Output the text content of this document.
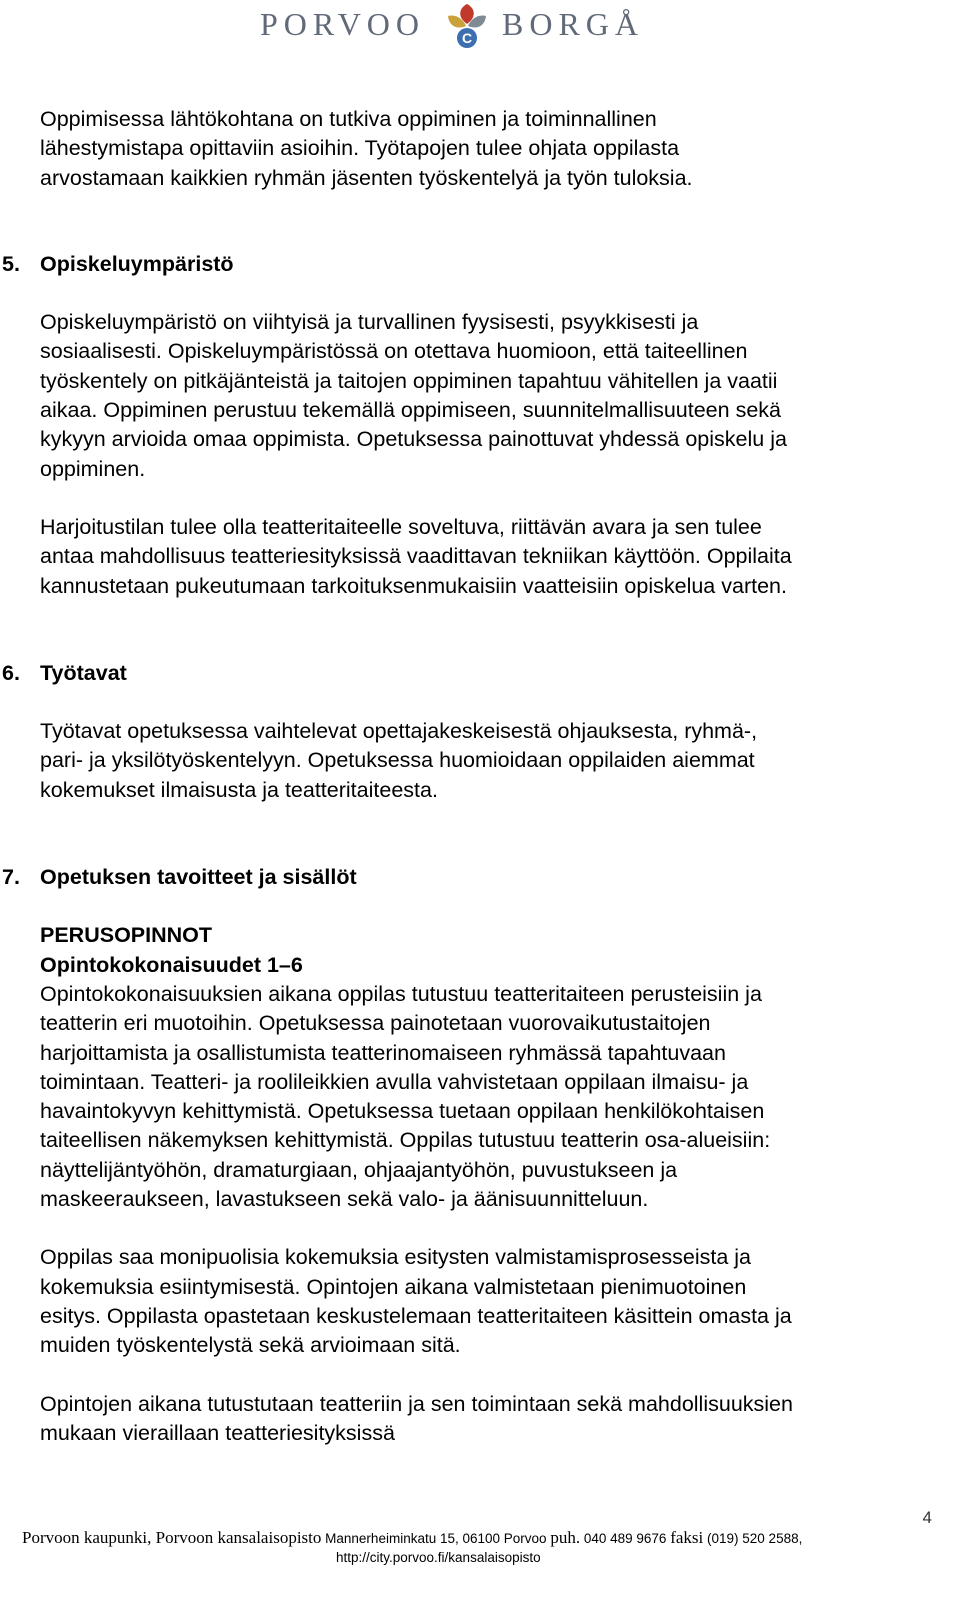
PORVOO	C BORGÅ

Oppimisessa lähtökohtana on tutkiva oppiminen ja toiminnallinen
lähestymistapa opittaviin asioihin. Työtapojen tulee ohjata oppilasta
arvostamaan kaikkien ryhmän jäsenten työskentelyä ja työn tuloksia.

5. Opiskeluympäristö

Opiskeluympäristö on viihtyisä ja turvallinen fyysisesti, psyykkisesti ja
sosiaalisesti. Opiskeluympäristössä on otettava huomioon, että taiteellinen
työskentely on pitkäjänteistä ja taitojen oppiminen tapahtuu vähitellen ja vaatii
aikaa. Oppiminen perustuu tekemällä oppimiseen, suunnitelmallisuuteen sekä
kykyyn arvioida omaa oppimista. Opetuksessa painottuvat yhdessä opiskelu ja
oppiminen.

Harjoitustilan tulee olla teatteritaiteelle soveltuva, riittävän avara ja sen tulee
antaa mahdollisuus teatteriesityksissä vaadittavan tekniikan käyttöön. Oppilaita
kannustetaan pukeutumaan tarkoituksenmukaisiin vaatteisiin opiskelua varten.

6. Työtavat

Työtavat opetuksessa vaihtelevat opettajakeskeisestä ohjauksesta, ryhmä-,
pari- ja yksilötyöskentelyyn. Opetuksessa huomioidaan oppilaiden aiemmat
kokemukset ilmaisusta ja teatteritaiteesta.

7. Opetuksen tavoitteet ja sisällöt

PERUSOPINNOT

Opintokokonaisuudet 1–6

Opintokokonaisuuksien aikana oppilas tutustuu teatteritaiteen perusteisiin ja
teatterin eri muotoihin. Opetuksessa painotetaan vuorovaikutustaitojen
harjoittamista ja osallistumista teatterinomaiseen ryhmässä tapahtuvaan
toimintaan. Teatteri- ja roolileikkien avulla vahvistetaan oppilaan ilmaisu- ja
havaintokyvyn kehittymistä. Opetuksessa tuetaan oppilaan henkilökohtaisen
taiteellisen näkemyksen kehittymistä. Oppilas tutustuu teatterin osa-alueisiin:
näyttelijäntyöhön, dramaturgiaan, ohjaajantyöhön, puvustukseen ja
maskeeraukseen, lavastukseen sekä valo- ja äänisuunnitteluun.

Oppilas saa monipuolisia kokemuksia esitysten valmistamisprosesseista ja
kokemuksia esiintymisestä. Opintojen aikana valmistetaan pienimuotoinen
esitys. Oppilasta opastetaan keskustelemaan teatteritaiteen käsittein omasta ja
muiden työskentelystä sekä arvioimaan sitä.

Opintojen aikana tutustutaan teatteriin ja sen toimintaan sekä mahdollisuuksien
mukaan vieraillaan teatteriesityksissä

4
Porvoon kaupunki, Porvoon kansalaisopisto Mannerheiminkatu 15, 06100 Porvoo puh. 040 489 9676 faksi (019) 520 2588,
http://city.porvoo.fi/kansalaisopisto
